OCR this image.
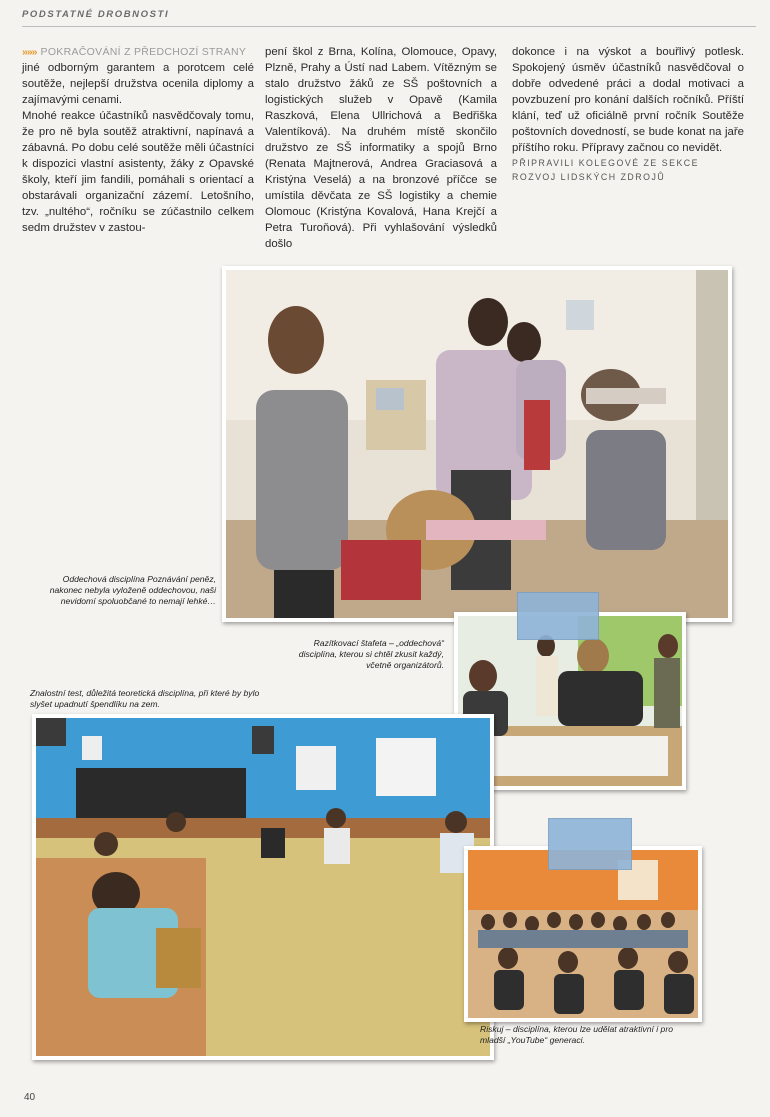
PODSTATNÉ DROBNOSTI

»»» POKRAČOVÁNÍ Z PŘEDCHOZÍ STRANY

jiné odborným garantem a porotcem celé soutěže, nejlepší družstva ocenila diplomy a zajímavými cenami.

Mnohé reakce účastníků nasvědčovaly tomu, že pro ně byla soutěž atraktivní, napínavá a zábavná. Po dobu celé soutěže měli účastníci k dispozici vlastní asistenty, žáky z Opavské školy, kteří jim fandili, pomáhali s orientací a obstarávali organizační zázemí. Letošního, tzv. „nultého“, ročníku se zúčastnilo celkem sedm družstev v zastou-

pení škol z Brna, Kolína, Olomouce, Opavy, Plzně, Prahy a Ústí nad Labem. Vítězným se stalo družstvo žáků ze SŠ poštovních a logistických služeb v Opavě (Kamila Raszková, Elena Ullrichová a Bedřiška Valentíková). Na druhém místě skončilo družstvo ze SŠ informatiky a spojů Brno (Renata Majtnerová, Andrea Graciasová a Kristýna Veselá) a na bronzové příčce se umístila děvčata ze SŠ logistiky a chemie Olomouc (Kristýna Kovalová, Hana Krejčí a Petra Turoňová). Při vyhlašování výsledků došlo

dokonce i na výskot a bouřlivý potlesk. Spokojený úsměv účastníků nasvědčoval o dobře odvedené práci a dodal motivaci a povzbuzení pro konání dalších ročníků. Příští klání, teď už oficiálně první ročník Soutěže poštovních dovedností, se bude konat na jaře příštího roku. Přípravy začnou co nevidět.

PŘIPRAVILI KOLEGOVÉ ZE SEKCE ROZVOJ LIDSKÝCH ZDROJŮ

Oddechová disciplína Poznávání peněz, nakonec nebyla vyloženě oddechovou, naši nevidomí spoluobčané to nemají lehké…
Razítkovací štafeta – „oddechová“ disciplína, kterou si chtěl zkusit každý, včetně organizátorů.
Znalostní test, důležitá teoretická disciplína, při které by bylo slyšet upadnutí špendlíku na zem.
Riskuj – disciplína, kterou lze udělat atraktivní i pro mladší „YouTube“ generaci.
40
